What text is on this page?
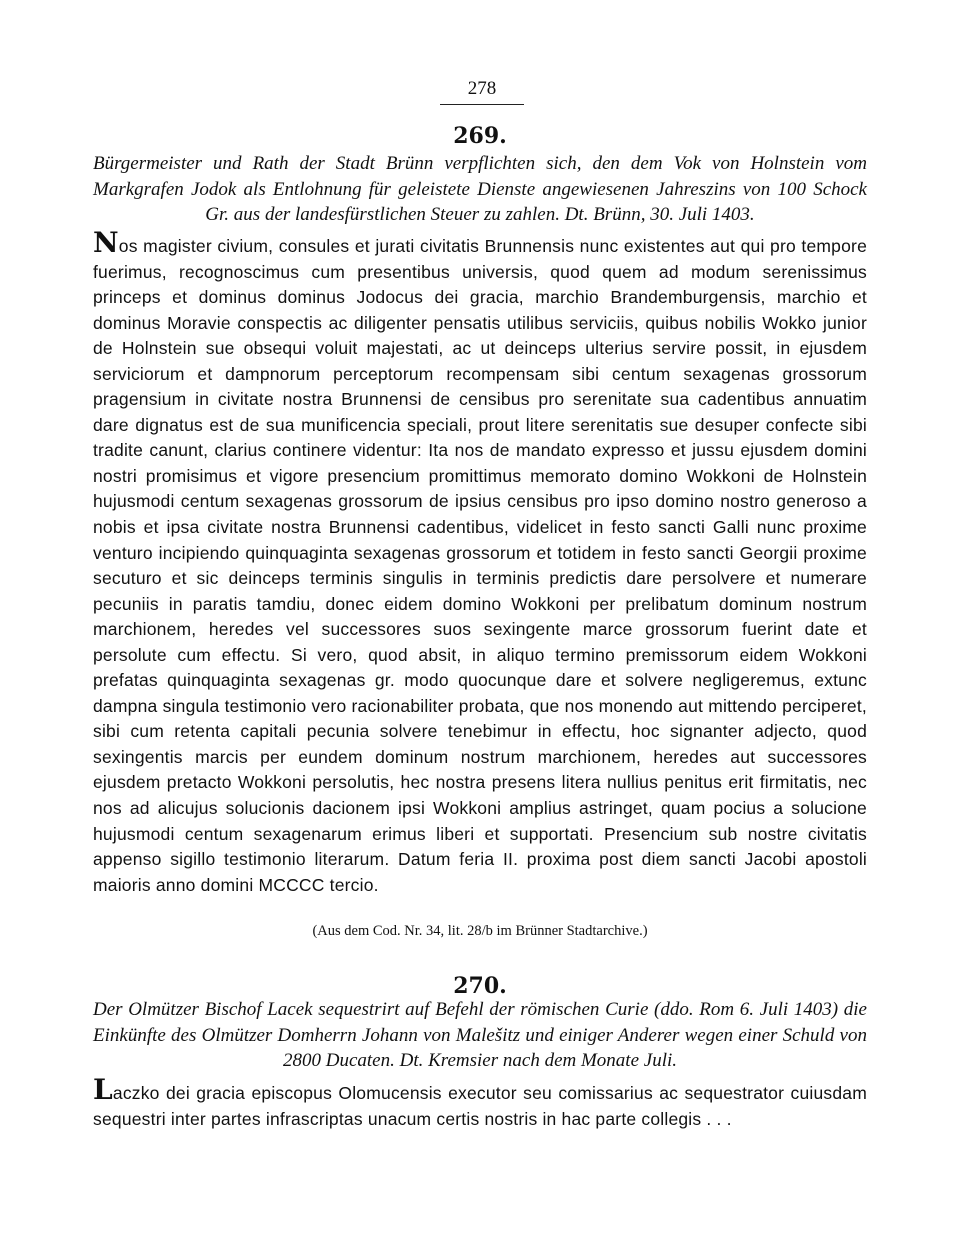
278
269.

Bürgermeister und Rath der Stadt Brünn verpflichten sich, den dem Vok von Holnstein vom Markgrafen Jodok als Entlohnung für geleistete Dienste angewiesenen Jahreszins von 100 Schock Gr. aus der landesfürstlichen Steuer zu zahlen. Dt. Brünn, 30. Juli 1403.

Nos magister civium, consules et jurati civitatis Brunnensis nunc existentes aut qui pro tempore fuerimus, recognoscimus cum presentibus universis, quod quem ad modum serenissimus princeps et dominus dominus Jodocus dei gracia, marchio Brandemburgensis, marchio et dominus Moravie conspectis ac diligenter pensatis utilibus serviciis, quibus nobilis Wokko junior de Holnstein sue obsequi voluit majestati, ac ut deinceps ulterius servire possit, in ejusdem serviciorum et dampnorum perceptorum recompensam sibi centum sexagenas grossorum pragensium in civitate nostra Brunnensi de censibus pro serenitate sua cadentibus annuatim dare dignatus est de sua munificencia speciali, prout litere serenitatis sue desuper confecte sibi tradite canunt, clarius continere videntur: Ita nos de mandato expresso et jussu ejusdem domini nostri promisimus et vigore presencium promittimus memorato domino Wokkoni de Holnstein hujusmodi centum sexagenas grossorum de ipsius censibus pro ipso domino nostro generoso a nobis et ipsa civitate nostra Brunnensi cadentibus, videlicet in festo sancti Galli nunc proxime venturo incipiendo quinquaginta sexagenas grossorum et totidem in festo sancti Georgii proxime secuturo et sic deinceps terminis singulis in terminis predictis dare persolvere et numerare pecuniis in paratis tamdiu, donec eidem domino Wokkoni per prelibatum dominum nostrum marchionem, heredes vel successores suos sexingente marce grossorum fuerint date et persolute cum effectu. Si vero, quod absit, in aliquo termino premissorum eidem Wokkoni prefatas quinquaginta sexagenas gr. modo quocunque dare et solvere negligeremus, extunc dampna singula testimonio vero racionabiliter probata, que nos monendo aut mittendo perciperet, sibi cum retenta capitali pecunia solvere tenebimur in effectu, hoc signanter adjecto, quod sexingentis marcis per eundem dominum nostrum marchionem, heredes aut successores ejusdem pretacto Wokkoni persolutis, hec nostra presens litera nullius penitus erit firmitatis, nec nos ad alicujus solucionis dacionem ipsi Wokkoni amplius astringet, quam pocius a solucione hujusmodi centum sexagenarum erimus liberi et supportati. Presencium sub nostre civitatis appenso sigillo testimonio literarum. Datum feria II. proxima post diem sancti Jacobi apostoli maioris anno domini MCCCC tercio.

(Aus dem Cod. Nr. 34, lit. 28/b im Brünner Stadtarchive.)

270.

Der Olmützer Bischof Lacek sequestrirt auf Befehl der römischen Curie (ddo. Rom 6. Juli 1403) die Einkünfte des Olmützer Domherrn Johann von Malešitz und einiger Anderer wegen einer Schuld von 2800 Ducaten. Dt. Kremsier nach dem Monate Juli.

Laczko dei gracia episcopus Olomucensis executor seu comissarius ac sequestrator cuiusdam sequestri inter partes infrascriptas unacum certis nostris in hac parte collegis . . .
